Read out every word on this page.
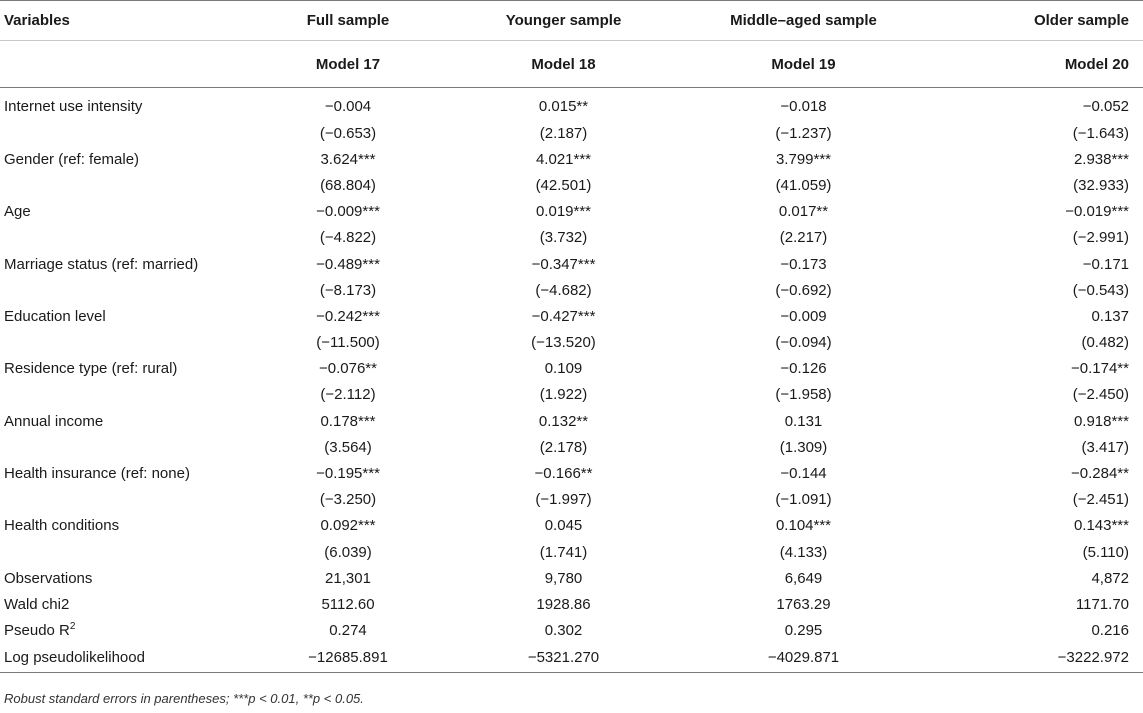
Variables	Full sample	Younger sample	Middle–aged sample	Older sample
	Model 17	Model 18	Model 19	Model 20
Internet use intensity	−0.004	0.015**	−0.018	−0.052
	(−0.653)	(2.187)	(−1.237)	(−1.643)
Gender (ref: female)	3.624***	4.021***	3.799***	2.938***
	(68.804)	(42.501)	(41.059)	(32.933)
Age	−0.009***	0.019***	0.017**	−0.019***
	(−4.822)	(3.732)	(2.217)	(−2.991)
Marriage status (ref: married)	−0.489***	−0.347***	−0.173	−0.171
	(−8.173)	(−4.682)	(−0.692)	(−0.543)
Education level	−0.242***	−0.427***	−0.009	0.137
	(−11.500)	(−13.520)	(−0.094)	(0.482)
Residence type (ref: rural)	−0.076**	0.109	−0.126	−0.174**
	(−2.112)	(1.922)	(−1.958)	(−2.450)
Annual income	0.178***	0.132**	0.131	0.918***
	(3.564)	(2.178)	(1.309)	(3.417)
Health insurance (ref: none)	−0.195***	−0.166**	−0.144	−0.284**
	(−3.250)	(−1.997)	(−1.091)	(−2.451)
Health conditions	0.092***	0.045	0.104***	0.143***
	(6.039)	(1.741)	(4.133)	(5.110)
Observations	21,301	9,780	6,649	4,872
Wald chi2	5112.60	1928.86	1763.29	1171.70
Pseudo $R^2$	0.274	0.302	0.295	0.216
Log pseudolikelihood	−12685.891	−5321.270	−4029.871	−3222.972
Robust standard errors in parentheses; ***p < 0.01, **p < 0.05.
